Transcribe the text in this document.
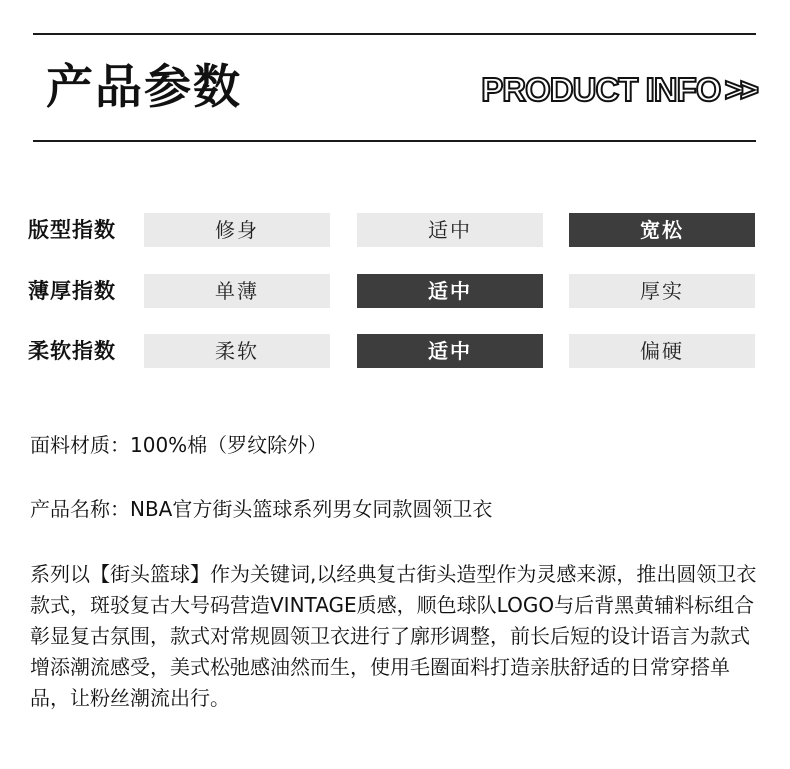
产品参数	PRODUCT INFO >>
版型指数	修身	适中	宽松
薄厚指数	单薄	适中	厚实
柔软指数	柔软	适中	偏硬
面料材质：100%棉（罗纹除外）
产品名称：NBA官方街头篮球系列男女同款圆领卫衣
系列以【街头篮球】作为关键词,以经典复古街头造型作为灵感来源，推出圆领卫衣款式，斑驳复古大号码营造VINTAGE质感，顺色球队LOGO与后背黑黄辅料标组合彰显复古氛围，款式对常规圆领卫衣进行了廓形调整，前长后短的设计语言为款式增添潮流感受，美式松弛感油然而生，使用毛圈面料打造亲肤舒适的日常穿搭单品，让粉丝潮流出行。
